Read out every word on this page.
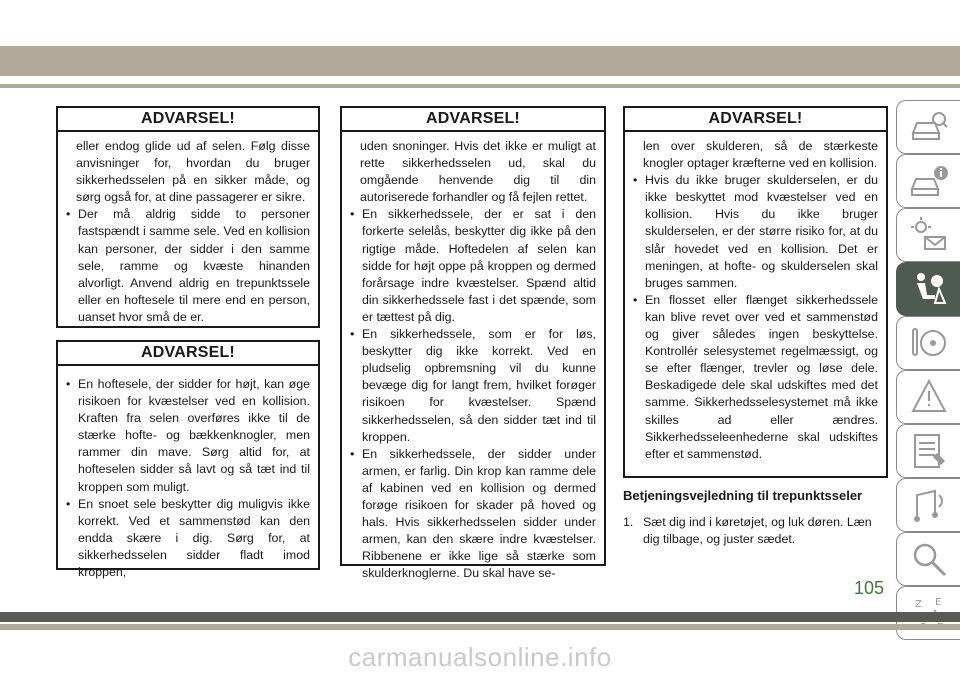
ADVARSEL!
eller endog glide ud af selen. Følg disse anvisninger for, hvordan du bruger sikkerhedsselen på en sikker måde, og sørg også for, at dine passagerer er sikre.
• Der må aldrig sidde to personer fastspændt i samme sele. Ved en kollision kan personer, der sidder i den samme sele, ramme og kvæste hinanden alvorligt. Anvend aldrig en trepunktssele eller en hoftesele til mere end en person, uanset hvor små de er.
ADVARSEL!
• En hoftesele, der sidder for højt, kan øge risikoen for kvæstelser ved en kollision. Kraften fra selen overføres ikke til de stærke hofte- og bækkenknogler, men rammer din mave. Sørg altid for, at hofteselen sidder så lavt og så tæt ind til kroppen som muligt.
• En snoet sele beskytter dig muligvis ikke korrekt. Ved et sammenstød kan den endda skære i dig. Sørg for, at sikkerhedsselen sidder fladt imod kroppen,
ADVARSEL!
uden snoninger. Hvis det ikke er muligt at rette sikkerhedsselen ud, skal du omgående henvende dig til din autoriserede forhandler og få fejlen rettet.
• En sikkerhedssele, der er sat i den forkerte selelås, beskytter dig ikke på den rigtige måde. Hoftedelen af selen kan sidde for højt oppe på kroppen og dermed forårsage indre kvæstelser. Spænd altid din sikkerhedssele fast i det spænde, som er tættest på dig.
• En sikkerhedssele, som er for løs, beskytter dig ikke korrekt. Ved en pludselig opbremsning vil du kunne bevæge dig for langt frem, hvilket forøger risikoen for kvæstelser. Spænd sikkerhedsselen, så den sidder tæt ind til kroppen.
• En sikkerhedssele, der sidder under armen, er farlig. Din krop kan ramme dele af kabinen ved en kollision og dermed forøge risikoen for skader på hoved og hals. Hvis sikkerhedsselen sidder under armen, kan den skære indre kvæstelser. Ribbenene er ikke lige så stærke som skulderknoglerne. Du skal have se-
ADVARSEL!
len over skulderen, så de stærkeste knogler optager kræfterne ved en kollision.
• Hvis du ikke bruger skulderselen, er du ikke beskyttet mod kvæstelser ved en kollision. Hvis du ikke bruger skulderselen, er der større risiko for, at du slår hovedet ved en kollision. Det er meningen, at hofte- og skulderselen skal bruges sammen.
• En flosset eller flænget sikkerhedssele kan blive revet over ved et sammenstød og giver således ingen beskyttelse. Kontrollér selesystemet regelmæssigt, og se efter flænger, trevler og løse dele. Beskadigede dele skal udskiftes med det samme. Sikkerhedsselesystemet må ikke skilles ad eller ændres. Sikkerhedsseleenhederne skal udskiftes efter et sammenstød.
Betjeningsvejledning til trepunktsseler
1. Sæt dig ind i køretøjet, og luk døren. Læn dig tilbage, og juster sædet.
105
Z E
carmanualsonline.info
